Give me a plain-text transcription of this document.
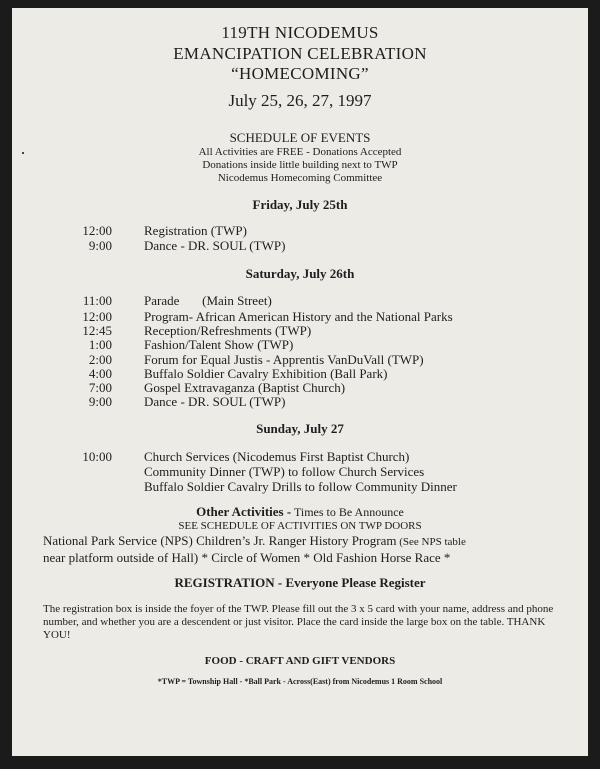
119TH NICODEMUS
EMANCIPATION CELEBRATION
“HOMECOMING”
July 25, 26, 27, 1997
SCHEDULE OF EVENTS
All Activities are FREE - Donations Accepted
Donations inside little building next to TWP
Nicodemus Homecoming Committee
Friday, July 25th
12:00 Registration (TWP)
9:00 Dance - DR. SOUL (TWP)
Saturday, July 26th
11:00 Parade       (Main Street)
12:00 Program- African American History and the National Parks
12:45 Reception/Refreshments (TWP)
1:00 Fashion/Talent Show (TWP)
2:00 Forum for Equal Justis - Apprentis VanDuVall (TWP)
4:00 Buffalo Soldier Cavalry Exhibition (Ball Park)
7:00 Gospel Extravaganza (Baptist Church)
9:00 Dance - DR. SOUL (TWP)
Sunday, July 27
10:00 Church Services (Nicodemus First Baptist Church)
Community Dinner (TWP) to follow Church Services
Buffalo Soldier Cavalry Drills to follow Community Dinner
Other Activities - Times to Be Announce
SEE SCHEDULE OF ACTIVITIES ON TWP DOORS
National Park Service (NPS) Children’s Jr. Ranger History Program (See NPS table
near platform outside of Hall) * Circle of Women * Old Fashion Horse Race *
REGISTRATION - Everyone Please Register
The registration box is inside the foyer of the TWP. Please fill out the 3 x 5 card with your name, address and phone number, and whether you are a descendent or just visitor. Place the card inside the large box on the table. THANK YOU!
FOOD - CRAFT AND GIFT VENDORS
*TWP = Township Hall - *Ball Park - Across(East) from Nicodemus 1 Room School
